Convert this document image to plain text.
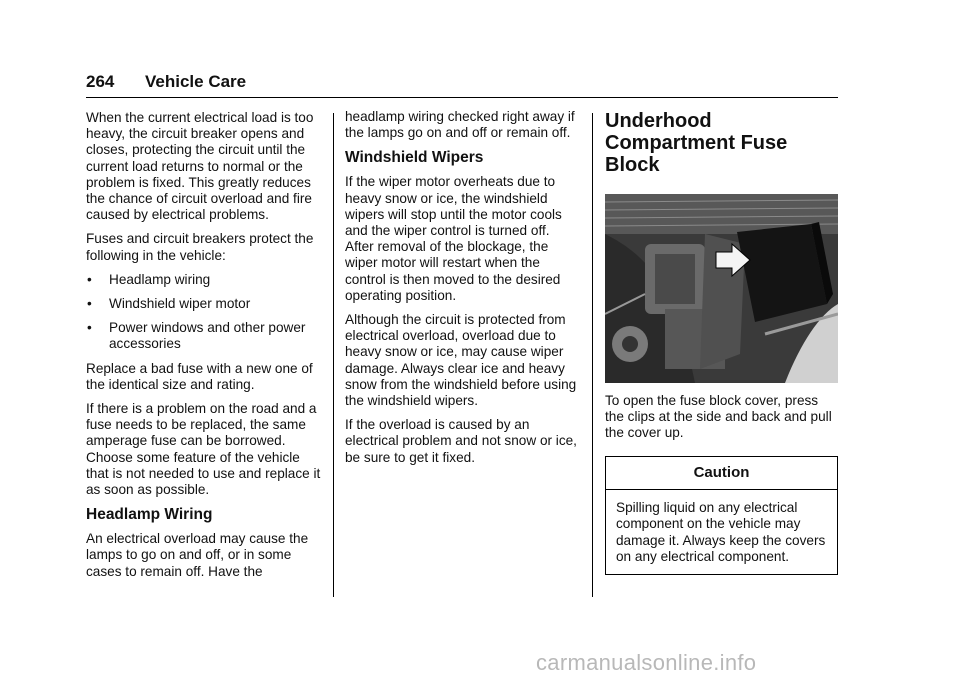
264 Vehicle Care

When the current electrical load is too heavy, the circuit breaker opens and closes, protecting the circuit until the current load returns to normal or the problem is fixed. This greatly reduces the chance of circuit overload and fire caused by electrical problems.

Fuses and circuit breakers protect the following in the vehicle:

•	Headlamp wiring
•	Windshield wiper motor
•	Power windows and other power accessories

Replace a bad fuse with a new one of the identical size and rating.

If there is a problem on the road and a fuse needs to be replaced, the same amperage fuse can be borrowed. Choose some feature of the vehicle that is not needed to use and replace it as soon as possible.

Headlamp Wiring

An electrical overload may cause the lamps to go on and off, or in some cases to remain off. Have the

headlamp wiring checked right away if the lamps go on and off or remain off.

Windshield Wipers

If the wiper motor overheats due to heavy snow or ice, the windshield wipers will stop until the motor cools and the wiper control is turned off. After removal of the blockage, the wiper motor will restart when the control is then moved to the desired operating position.

Although the circuit is protected from electrical overload, overload due to heavy snow or ice, may cause wiper damage. Always clear ice and heavy snow from the windshield before using the windshield wipers.

If the overload is caused by an electrical problem and not snow or ice, be sure to get it fixed.

Underhood Compartment Fuse Block

To open the fuse block cover, press the clips at the side and back and pull the cover up.

Caution
Spilling liquid on any electrical component on the vehicle may damage it. Always keep the covers on any electrical component.
carmanualsonline.info
